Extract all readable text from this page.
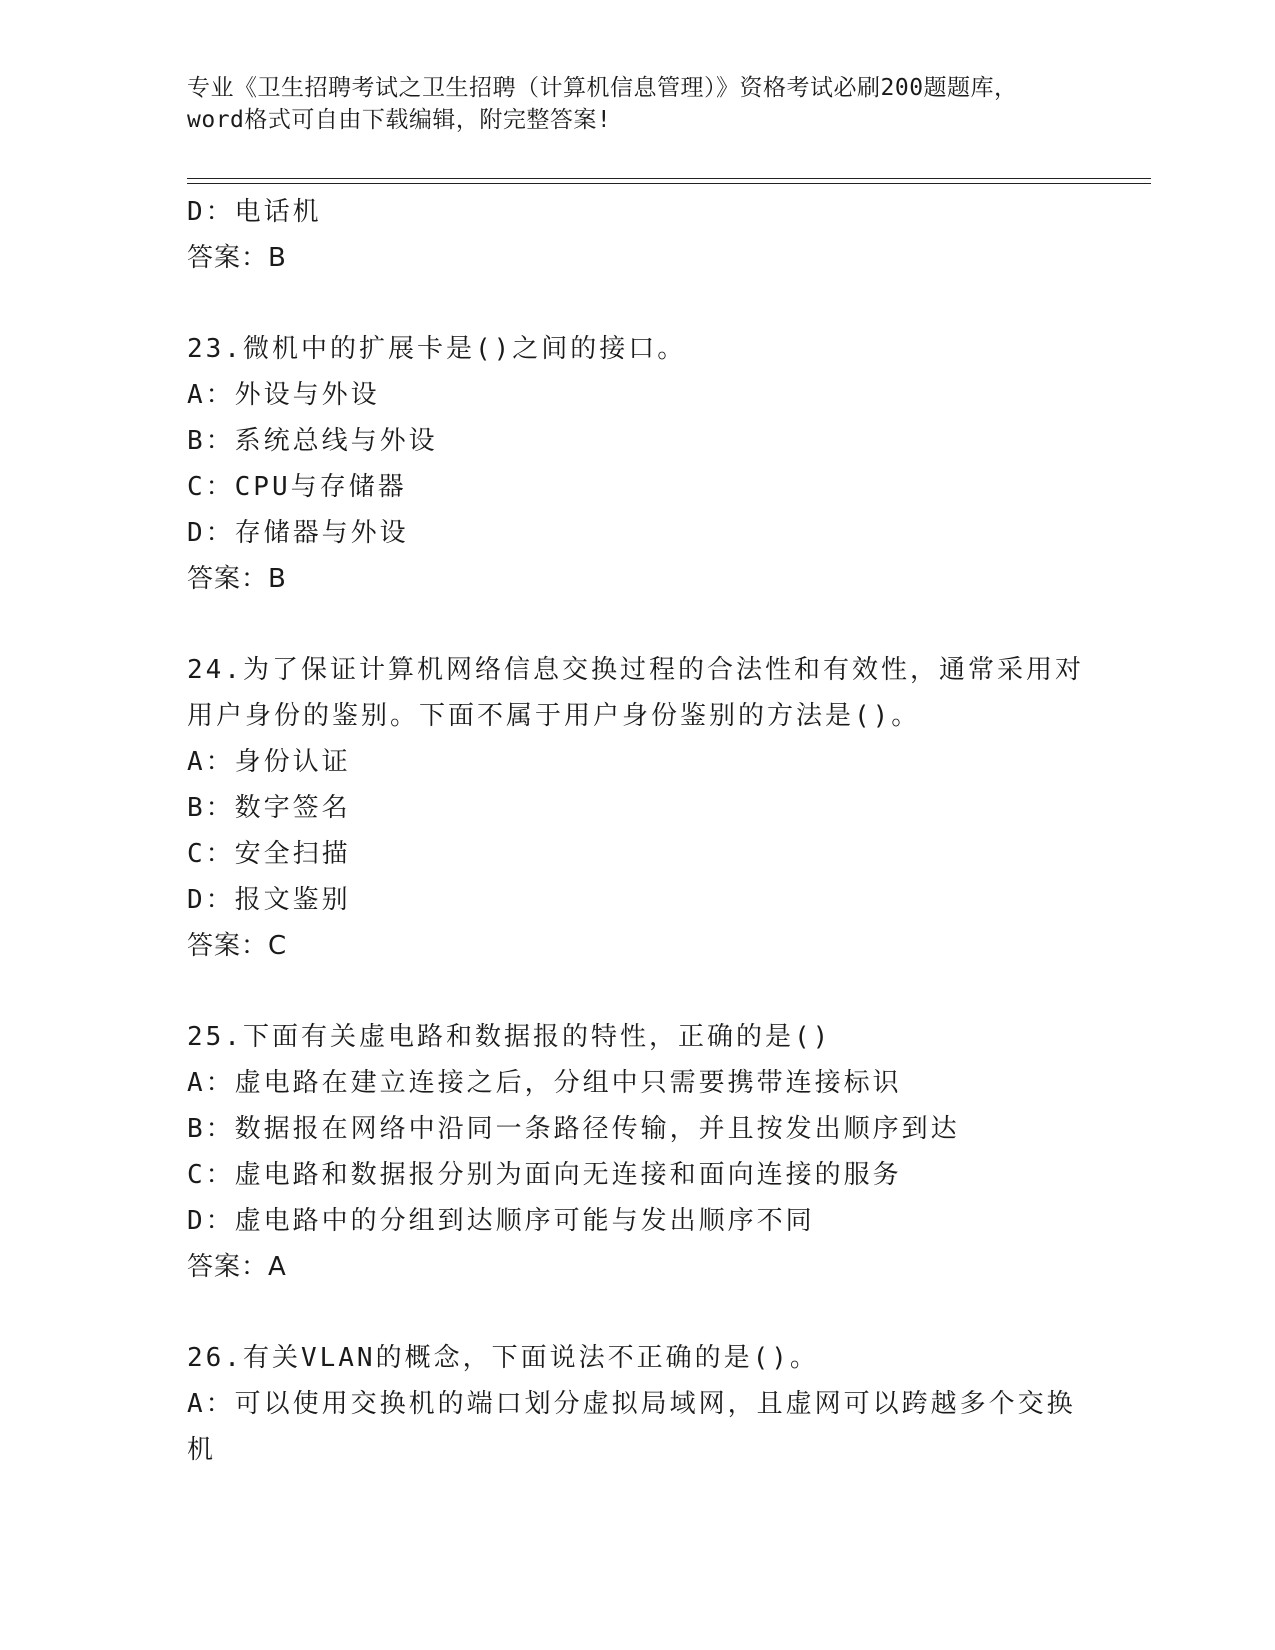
专业《卫生招聘考试之卫生招聘（计算机信息管理）》资格考试必刷200题题库，
word格式可自由下载编辑，附完整答案!
D：电话机
答案：B
23.微机中的扩展卡是()之间的接口。
A：外设与外设
B：系统总线与外设
C：CPU与存储器
D：存储器与外设
答案：B
24.为了保证计算机网络信息交换过程的合法性和有效性，通常采用对
用户身份的鉴别。下面不属于用户身份鉴别的方法是()。
A：身份认证
B：数字签名
C：安全扫描
D：报文鉴别
答案：C
25.下面有关虚电路和数据报的特性，正确的是()
A：虚电路在建立连接之后，分组中只需要携带连接标识
B：数据报在网络中沿同一条路径传输，并且按发出顺序到达
C：虚电路和数据报分别为面向无连接和面向连接的服务
D：虚电路中的分组到达顺序可能与发出顺序不同
答案：A
26.有关VLAN的概念，下面说法不正确的是()。
A：可以使用交换机的端口划分虚拟局域网，且虚网可以跨越多个交换
机
